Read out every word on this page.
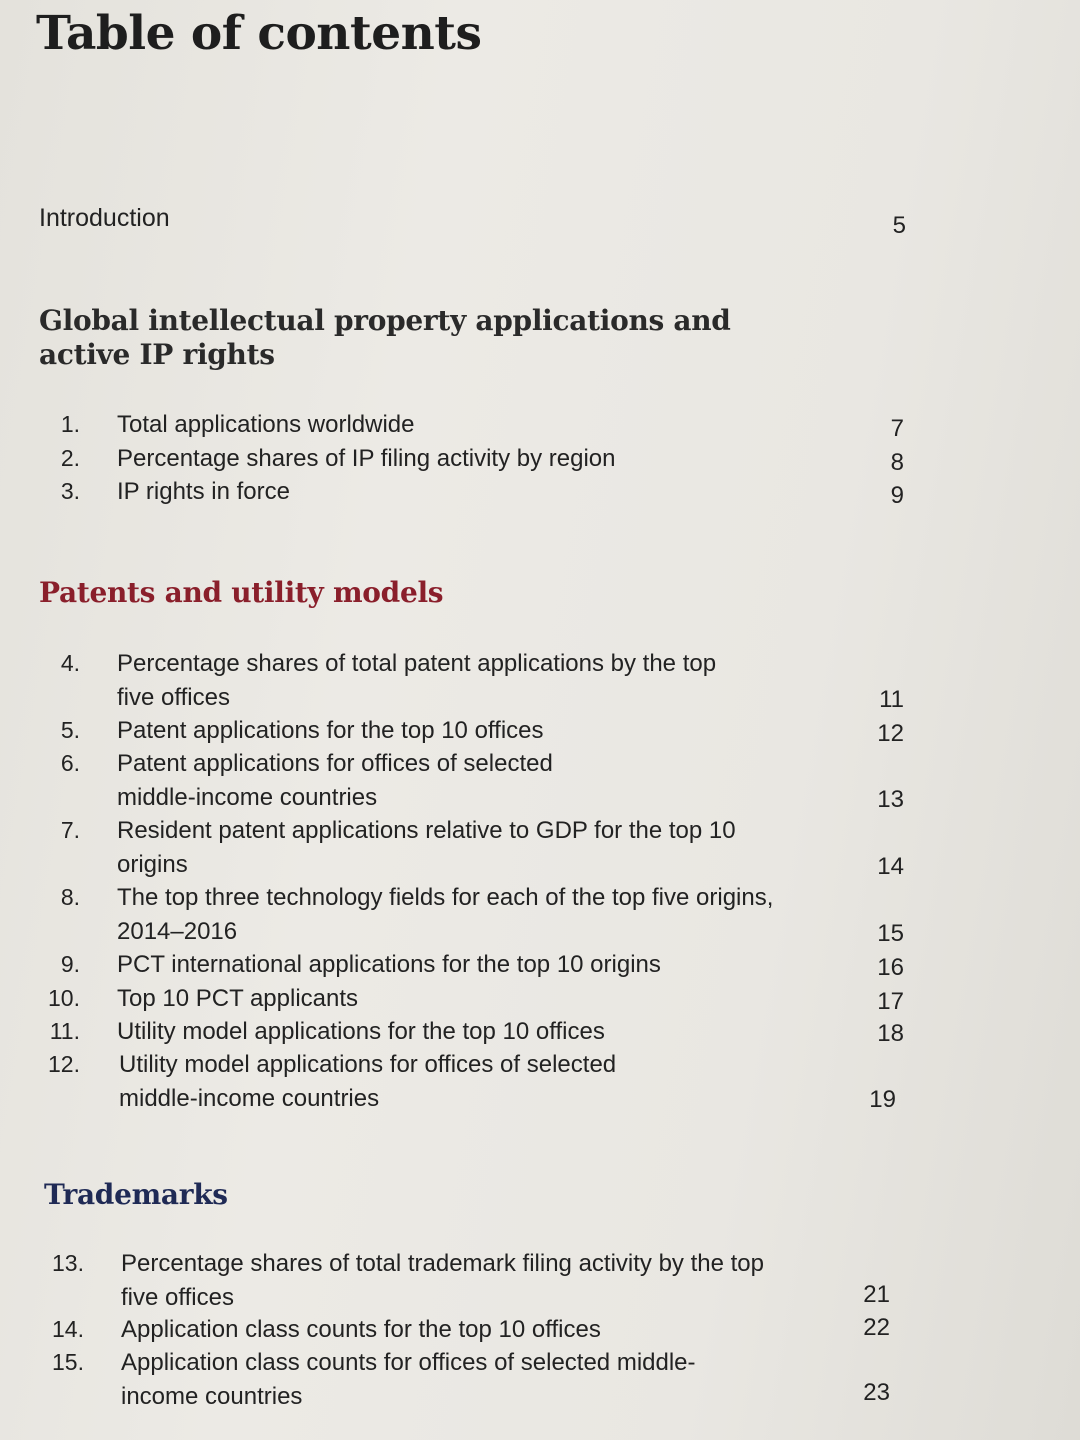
Table of contents
Introduction	5
Global intellectual property applications and active IP rights
Patents and utility models
Trademarks
1. Total applications worldwide	7
2. Percentage shares of IP filing activity by region	8
3. IP rights in force	9
4. Percentage shares of total patent applications by the top five offices	11
5. Patent applications for the top 10 offices	12
6. Patent applications for offices of selected middle-income countries	13
7. Resident patent applications relative to GDP for the top 10 origins	14
8. The top three technology fields for each of the top five origins, 2014–2016	15
9. PCT international applications for the top 10 origins	16
10. Top 10 PCT applicants	17
11. Utility model applications for the top 10 offices	18
12. Utility model applications for offices of selected middle-income countries	19
13. Percentage shares of total trademark filing activity by the top five offices	21
14. Application class counts for the top 10 offices	22
15. Application class counts for offices of selected middle-income countries	23
